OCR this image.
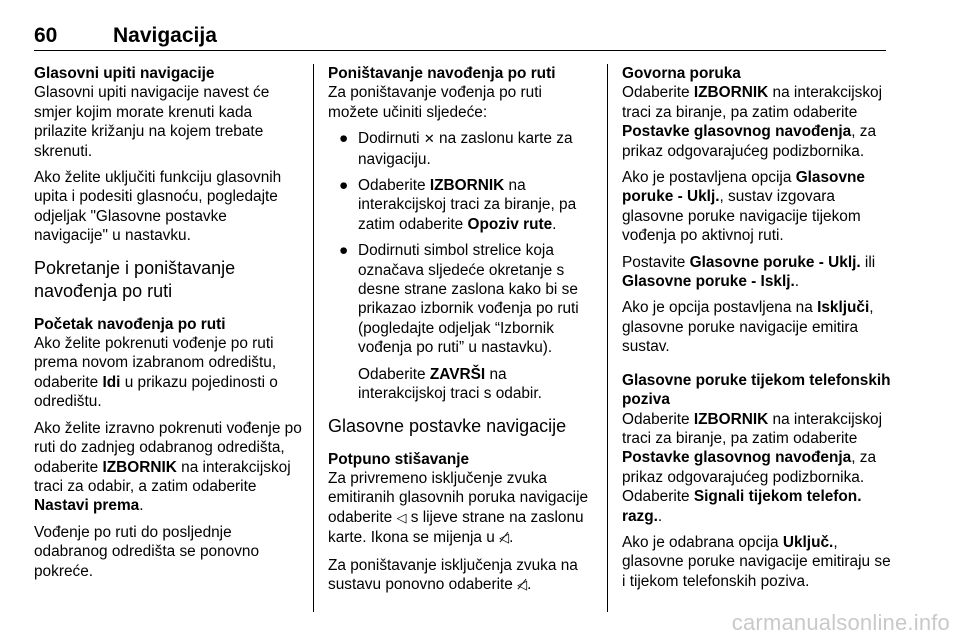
60	Navigacija

Glasovni upiti navigacije

Glasovni upiti navigacije navest će smjer kojim morate krenuti kada prilazite križanju na kojem trebate skrenuti.

Ako želite uključiti funkciju glasovnih upita i podesiti glasnoću, pogledajte odjeljak "Glasovne postavke navigacije" u nastavku.

Pokretanje i poništavanje navođenja po ruti

Početak navođenja po ruti

Ako želite pokrenuti vođenje po ruti prema novom izabranom odredištu, odaberite Idi u prikazu pojedinosti o odredištu.

Ako želite izravno pokrenuti vođenje po ruti do zadnjeg odabranog odredišta, odaberite IZBORNIK na interakcijskoj traci za odabir, a zatim odaberite Nastavi prema.

Vođenje po ruti do posljednje odabranog odredišta se ponovno pokreće.

Poništavanje navođenja po ruti

Za poništavanje vođenja po ruti možete učiniti sljedeće:

● Dodirnuti ✕ na zaslonu karte za navigaciju.
● Odaberite IZBORNIK na interakcijskoj traci za biranje, pa zatim odaberite Opoziv rute.
● Dodirnuti simbol strelice koja označava sljedeće okretanje s desne strane zaslona kako bi se prikazao izbornik vođenja po ruti (pogledajte odjeljak “Izbornik vođenja po ruti” u nastavku).

Odaberite ZAVRŠI na interakcijskoj traci s odabir.

Glasovne postavke navigacije

Potpuno stišavanje

Za privremeno isključenje zvuka emitiranih glasovnih poruka navigacije odaberite ◁ s lijeve strane na zaslonu karte. Ikona se mijenja u ◁̸.

Za poništavanje isključenja zvuka na sustavu ponovno odaberite ◁̸.

Govorna poruka

Odaberite IZBORNIK na interakcijskoj traci za biranje, pa zatim odaberite Postavke glasovnog navođenja, za prikaz odgovarajućeg podizbornika.

Ako je postavljena opcija Glasovne poruke - Uklj., sustav izgovara glasovne poruke navigacije tijekom vođenja po aktivnoj ruti.

Postavite Glasovne poruke - Uklj. ili Glasovne poruke - Isklj..

Ako je opcija postavljena na Isključi, glasovne poruke navigacije emitira sustav.

Glasovne poruke tijekom telefonskih poziva

Odaberite IZBORNIK na interakcijskoj traci za biranje, pa zatim odaberite Postavke glasovnog navođenja, za prikaz odgovarajućeg podizbornika. Odaberite Signali tijekom telefon. razg..

Ako je odabrana opcija Uključ., glasovne poruke navigacije emitiraju se i tijekom telefonskih poziva.

carmanualsonline.info
